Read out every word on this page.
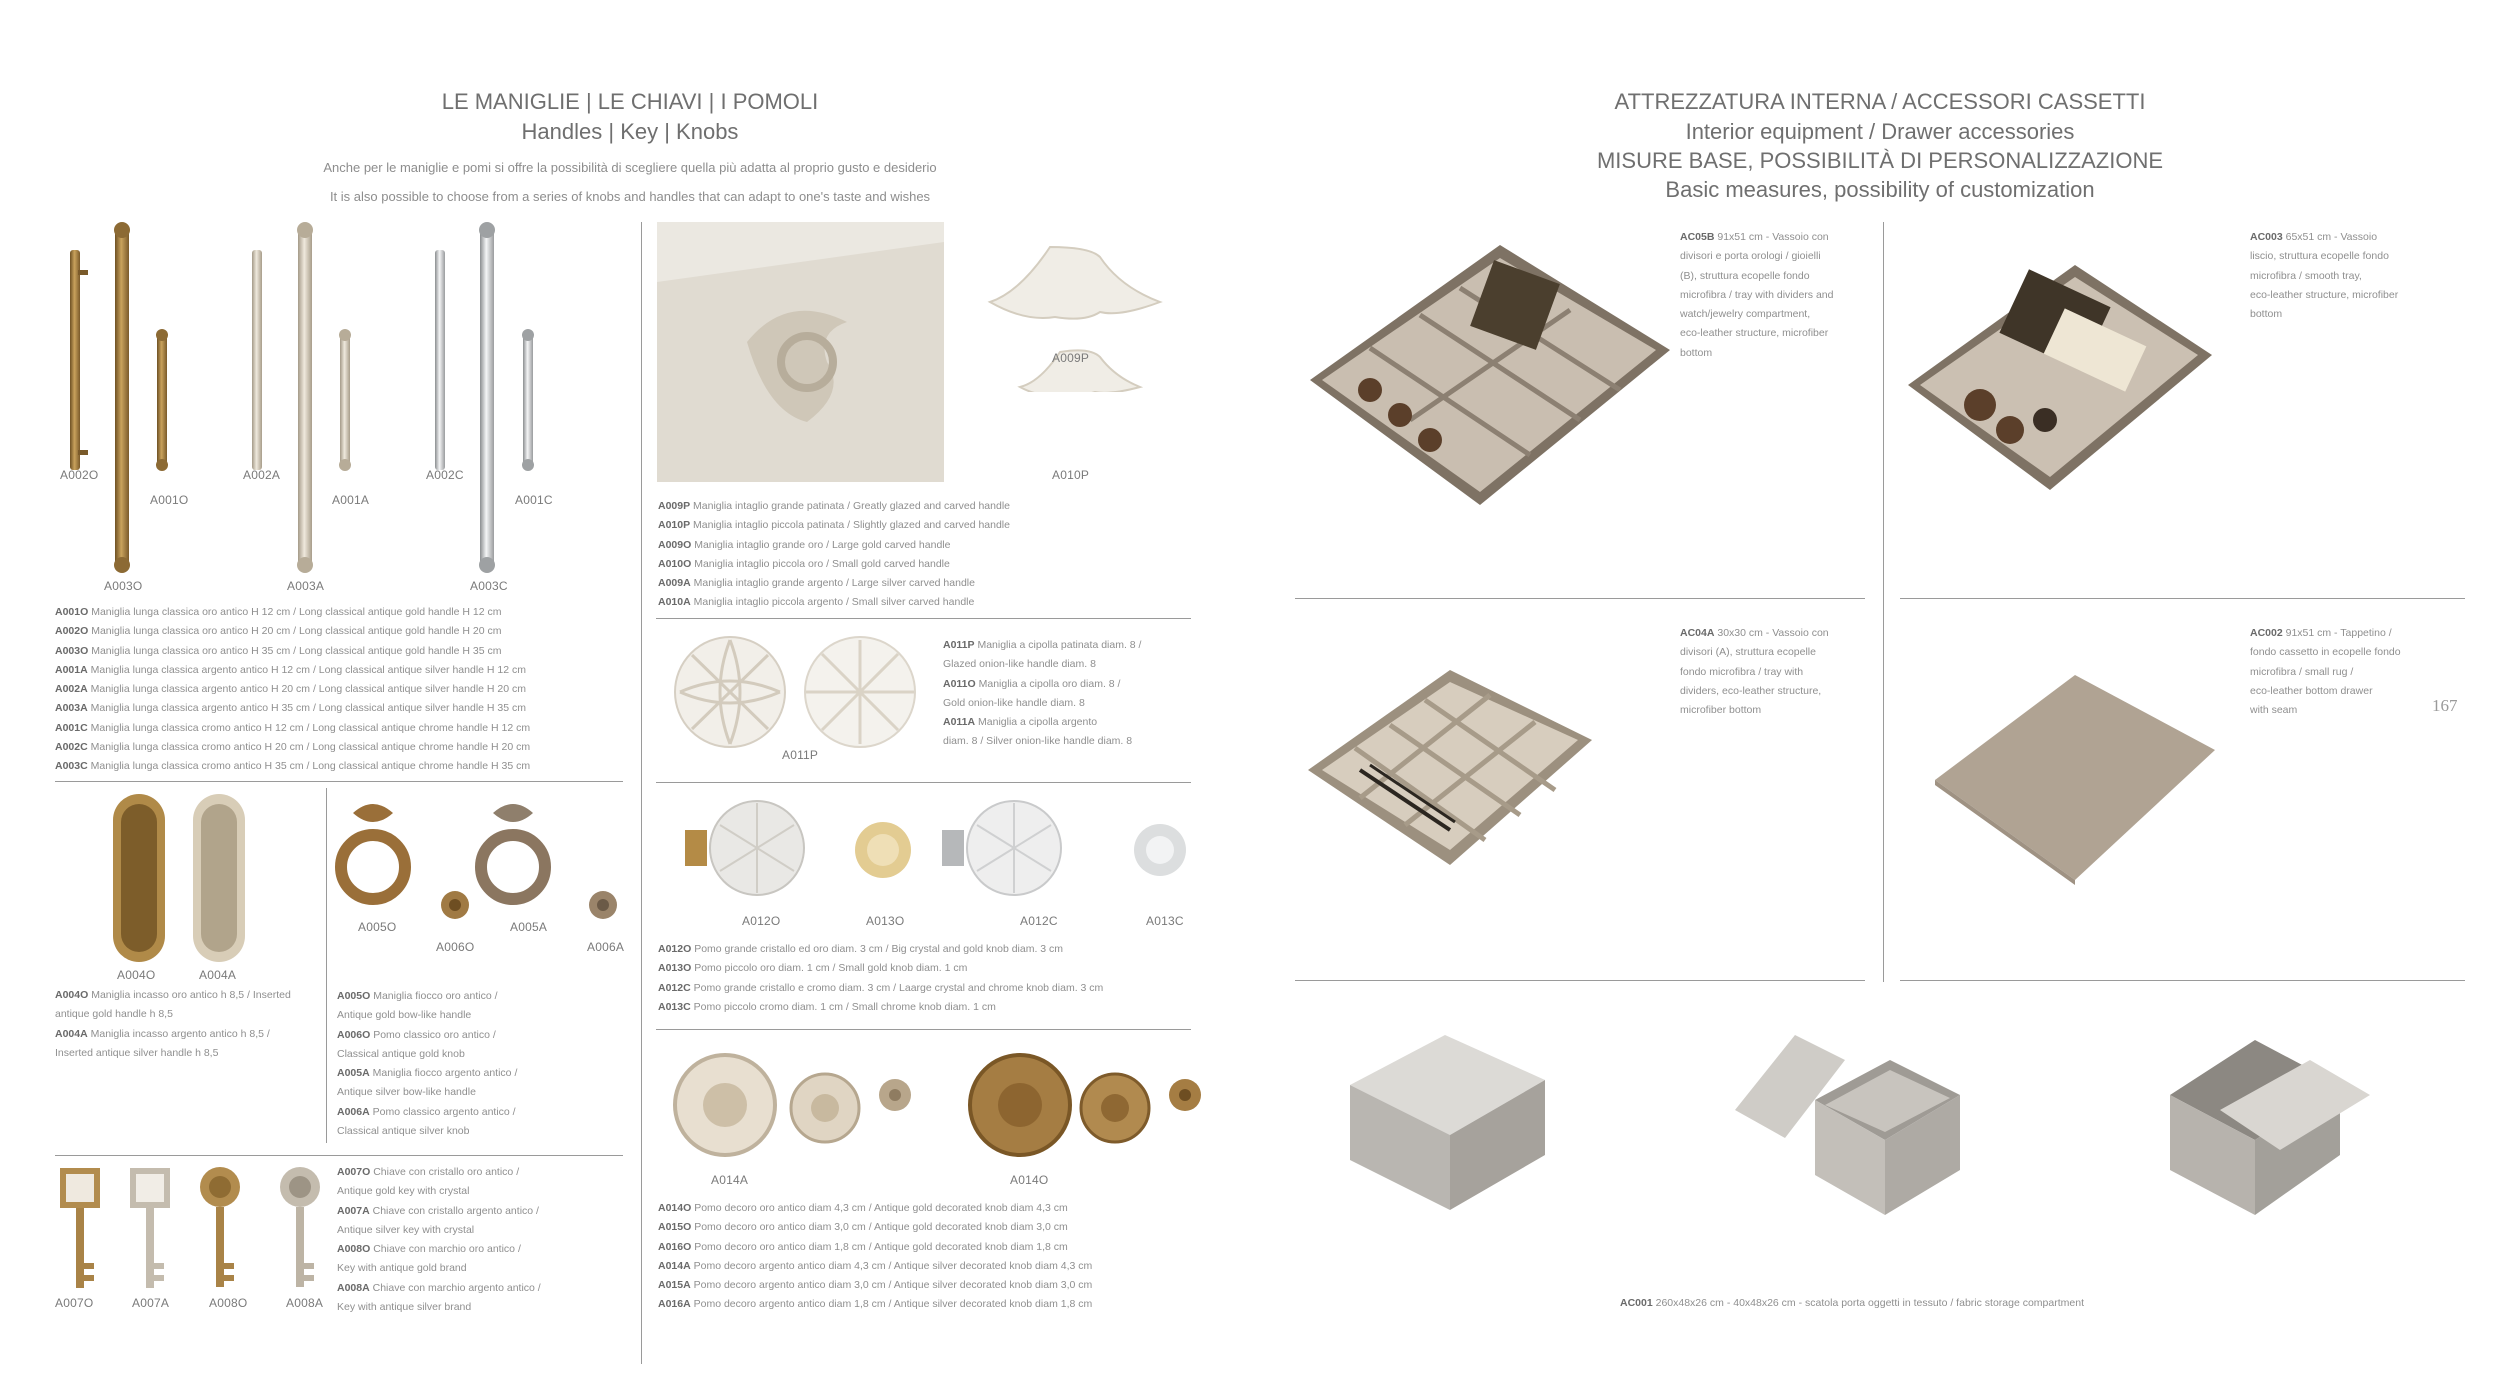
LE MANIGLIE | LE CHIAVI | I POMOLI
Handles | Key | Knobs
Anche per le maniglie e pomi si offre la possibilità di scegliere quella più adatta al proprio gusto e desiderio
It is also possible to choose from a series of knobs and handles that can adapt to one's taste and wishes
A002O
A001O
A003O
A002A
A001A
A003A
A002C
A001C
A003C
A001O Maniglia lunga classica oro antico H 12 cm / Long classical antique gold handle H 12 cm
A002O Maniglia lunga classica oro antico H 20 cm / Long classical antique gold handle H 20 cm
A003O Maniglia lunga classica oro antico H 35 cm / Long classical antique gold handle H 35 cm
A001A Maniglia lunga classica argento antico H 12 cm / Long classical antique silver handle H 12 cm
A002A Maniglia lunga classica argento antico H 20 cm / Long classical antique silver handle H 20 cm
A003A Maniglia lunga classica argento antico H 35 cm / Long classical antique silver handle H 35 cm
A001C Maniglia lunga classica cromo antico H 12 cm / Long classical antique chrome handle H 12 cm
A002C Maniglia lunga classica cromo antico H 20 cm / Long classical antique chrome handle H 20 cm
A003C Maniglia lunga classica cromo antico H 35 cm / Long classical antique chrome handle H 35 cm
A004O	A004A
A004O Maniglia incasso oro antico h 8,5 / Inserted
antique gold handle h 8,5
A004A Maniglia incasso argento antico h 8,5 /
Inserted antique silver handle h 8,5
A005O
A006O
A005A
A006A
A005O Maniglia fiocco oro antico /
Antique gold bow-like handle
A006O Pomo classico oro antico /
Classical antique gold knob
A005A Maniglia fiocco argento antico /
Antique silver bow-like handle
A006A Pomo classico argento antico /
Classical antique silver knob
A007O	A007A	A008O	A008A
A007O Chiave con cristallo oro antico /
Antique gold key with crystal
A007A Chiave con cristallo argento antico /
Antique silver key with crystal
A008O Chiave con marchio oro antico /
Key with antique gold brand
A008A Chiave con marchio argento antico /
Key with antique silver brand
A009P
A010P
A009P Maniglia intaglio grande patinata / Greatly glazed and carved handle
A010P Maniglia intaglio piccola patinata / Slightly glazed and carved handle
A009O Maniglia intaglio grande oro / Large gold carved handle
A010O Maniglia intaglio piccola oro / Small gold carved handle
A009A Maniglia intaglio grande argento / Large silver carved handle
A010A Maniglia intaglio piccola argento / Small silver carved handle
A011P
A011P Maniglia a cipolla patinata diam. 8 /
Glazed onion-like handle diam. 8
A011O Maniglia a cipolla oro diam. 8 /
Gold onion-like handle diam. 8
A011A Maniglia a cipolla argento
diam. 8 / Silver onion-like handle diam. 8
A012O	A013O	A012C	A013C
A012O Pomo grande cristallo ed oro diam. 3 cm / Big crystal and gold knob diam. 3 cm
A013O Pomo piccolo oro diam. 1 cm / Small gold knob diam. 1 cm
A012C Pomo grande cristallo e cromo diam. 3 cm / Laarge crystal and chrome knob diam. 3 cm
A013C Pomo piccolo cromo diam. 1 cm / Small chrome knob diam. 1 cm
A014A	A014O
A014O Pomo decoro oro antico diam 4,3 cm / Antique gold decorated knob diam 4,3 cm
A015O Pomo decoro oro antico diam 3,0 cm / Antique gold decorated knob diam 3,0 cm
A016O Pomo decoro oro antico diam 1,8 cm / Antique gold decorated knob diam 1,8 cm
A014A Pomo decoro argento antico diam 4,3 cm / Antique silver decorated knob diam 4,3 cm
A015A Pomo decoro argento antico diam 3,0 cm / Antique silver decorated knob diam 3,0 cm
A016A Pomo decoro argento antico diam 1,8 cm / Antique silver decorated knob diam 1,8 cm
ATTREZZATURA INTERNA / ACCESSORI CASSETTI
Interior equipment / Drawer accessories
MISURE BASE, POSSIBILITÀ DI PERSONALIZZAZIONE
Basic measures, possibility of customization
AC05B 91x51 cm - Vassoio con
divisori e porta orologi / gioielli
(B), struttura ecopelle fondo
microfibra / tray with dividers and
watch/jewelry compartment,
eco-leather structure, microfiber
bottom
AC003 65x51 cm - Vassoio
liscio, struttura ecopelle fondo
microfibra / smooth tray,
eco-leather structure, microfiber
bottom
AC04A 30x30 cm - Vassoio con
divisori (A), struttura ecopelle
fondo microfibra / tray with
dividers, eco-leather structure,
microfiber bottom
AC002 91x51 cm - Tappetino /
fondo cassetto in ecopelle fondo
microfibra / small rug /
eco-leather bottom drawer
with seam	167
AC001 260x48x26 cm - 40x48x26 cm - scatola porta oggetti in tessuto / fabric storage compartment
